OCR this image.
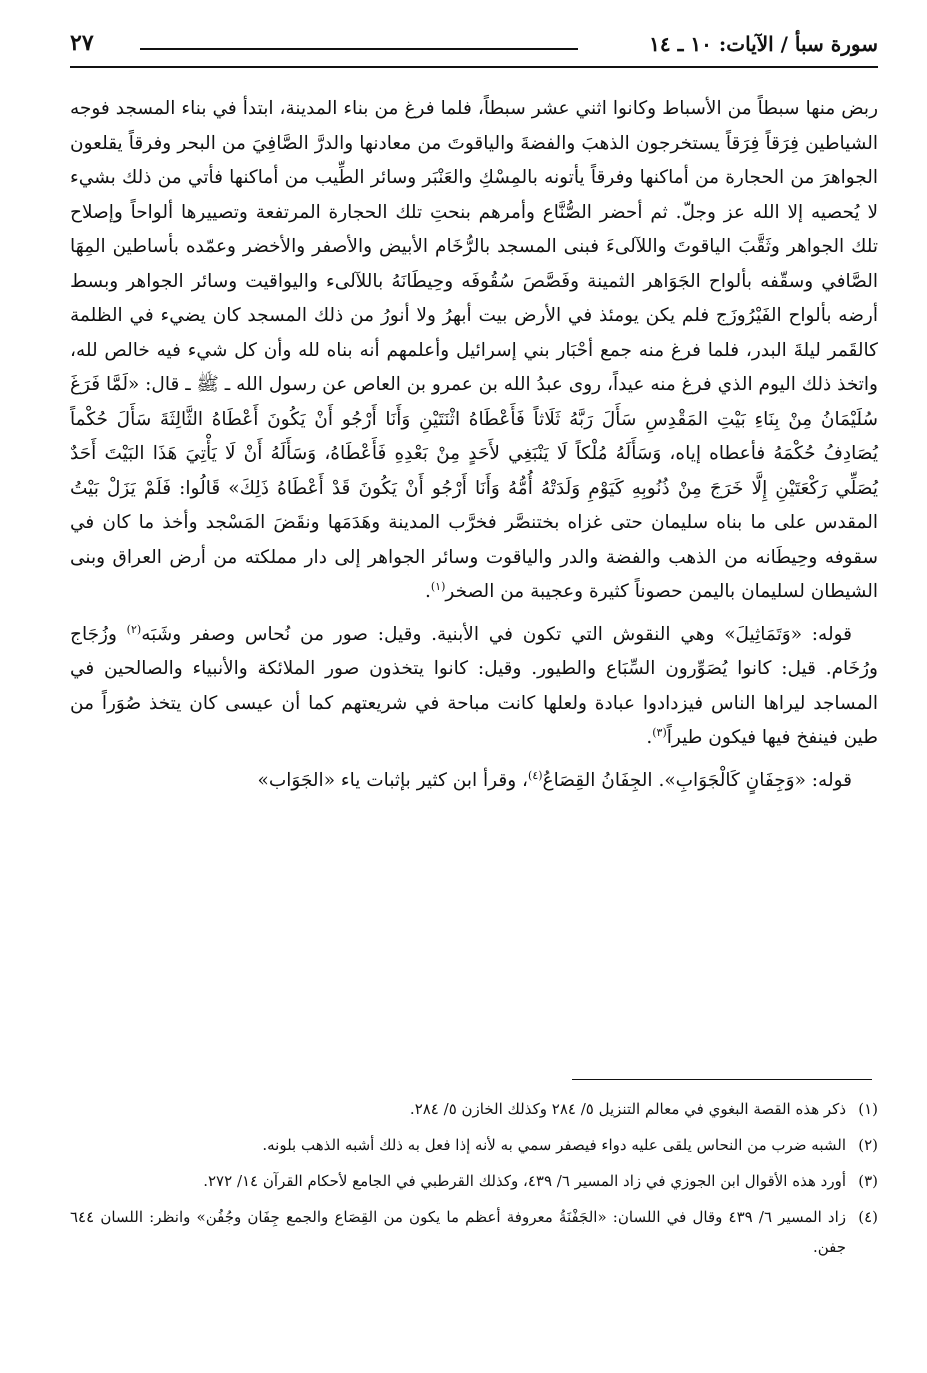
سورة سبأ / الآيات: ١٠ ـ ١٤
٢٧

ربض منها سبطاً من الأسباط وكانوا اثني عشر سبطاً، فلما فرغ من بناء المدينة، ابتدأ في بناء المسجد فوجه الشياطين فِرَقاً فِرَقاً يستخرجون الذهبَ والفضةَ والياقوتَ من معادنها والدرَّ الصَّافِيَ من البحر وفرقاً يقلعون الجواهرَ من الحجارة من أماكنها وفرقاً يأتونه بالمِسْكِ والعَنْبَر وسائر الطِّيب من أماكنها فأتي من ذلك بشيء لا يُحصيه إلا الله عز وجلّ. ثم أحضر الصُّنَّاع وأمرهم بنحتِ تلك الحجارة المرتفعة وتصييرها ألواحاً وإصلاح تلك الجواهر وثَقَّبَ الياقوتَ واللآلىءَ فبنى المسجد بالرُّخَام الأبيض والأصفر والأخضر وعمّده بأساطين المِهَا الصَّافي وسقّفه بألواح الجَوَاهر الثمينة وفَصَّصَ سُقُوفَه وحِيطَانَهُ باللآلىء واليواقيت وسائر الجواهر وبسط أرضه بألواح الفَيْرُوزَج فلم يكن يومئذ في الأرض بيت أبهرُ ولا أنورُ من ذلك المسجد كان يضيء في الظلمة كالقَمر ليلةَ البدر، فلما فرغ منه جمع أحْبَار بني إسرائيل وأعلمهم أنه بناه لله وأن كل شيء فيه خالص لله، واتخذ ذلك اليوم الذي فرغ منه عيداً، روى عبدُ الله بن عمرو بن العاص عن رسول الله ـ ﷺ ـ قال: «لَمَّا فَرَغَ سُلَيْمَانُ مِنْ بِنَاءِ بَيْتِ المَقْدِسِ سَأَلَ رَبَّهُ ثَلَاثاً فَأَعْطَاهُ اثْنَتَيْنِ وَأَنَا أَرْجُو أَنْ يَكُونَ أَعْطَاهُ الثَّالِثَةَ سَأَلَ حُكْماً يُصَادِفُ حُكْمَهُ فأعطاه إياه، وَسَأَلَهُ مُلْكاً لَا يَنْبَغِي لأَحَدٍ مِنْ بَعْدِهِ فَأَعْطَاهُ، وَسَأَلَهُ أَنْ لَا يَأْتِيَ هَذَا البَيْتَ أَحَدٌ يُصَلِّي رَكْعَتَيْنِ إِلَّا خَرَجَ مِنْ ذُنُوبِهِ كَيَوْمِ وَلَدَتْهُ أُمُّهُ وَأَنَا أَرْجُو أَنْ يَكُونَ قَدْ أَعْطَاهُ ذَلِكَ» قَالُوا: فَلَمْ يَزَلْ بَيْتُ المقدس على ما بناه سليمان حتى غزاه بختنصَّر فخرَّب المدينة وهَدَمَها ونقَضَ المَسْجد وأخذ ما كان في سقوفه وحِيطَانه من الذهب والفضة والدر والياقوت وسائر الجواهر إلى دار مملكته من أرض العراق وبنى الشيطان لسليمان باليمن حصوناً كثيرة وعجيبة من الصخر$^{(١)}$.

قوله: «وَتَمَاثِيلَ» وهي النقوش التي تكون في الأبنية. وقيل: صور من نُحاس وصفر وشَبَه$^{(٢)}$ وزُجَاج ورُخَام. قيل: كانوا يُصَوِّرون السِّبَاع والطيور. وقيل: كانوا يتخذون صور الملائكة والأنبياء والصالحين في المساجد ليراها الناس فيزدادوا عبادة ولعلها كانت مباحة في شريعتهم كما أن عيسى كان يتخذ صُوَراً من طين فينفخ فيها فيكون طيراً$^{(٣)}$.

قوله: «وَجِفَانٍ كَالْجَوَابِ». الجِفَانُ القِصَاعُ$^{(٤)}$، وقرأ ابن كثير بإثبات ياء «الجَوَاب»

(١)
ذكر هذه القصة البغوي في معالم التنزيل ٥/ ٢٨٤ وكذلك الخازن ٥/ ٢٨٤.

(٢)
الشبه ضرب من النحاس يلقى عليه دواء فيصفر سمي به لأنه إذا فعل به ذلك أشبه الذهب بلونه.

(٣)
أورد هذه الأقوال ابن الجوزي في زاد المسير ٦/ ٤٣٩، وكذلك القرطبي في الجامع لأحكام القرآن ١٤/ ٢٧٢.

(٤)
زاد المسير ٦/ ٤٣٩ وقال في اللسان: «الجَفْنَةُ معروفة أعظم ما يكون من القِصَاع والجمع جِفَان وجُفُن» وانظر: اللسان ٦٤٤ جفن.
